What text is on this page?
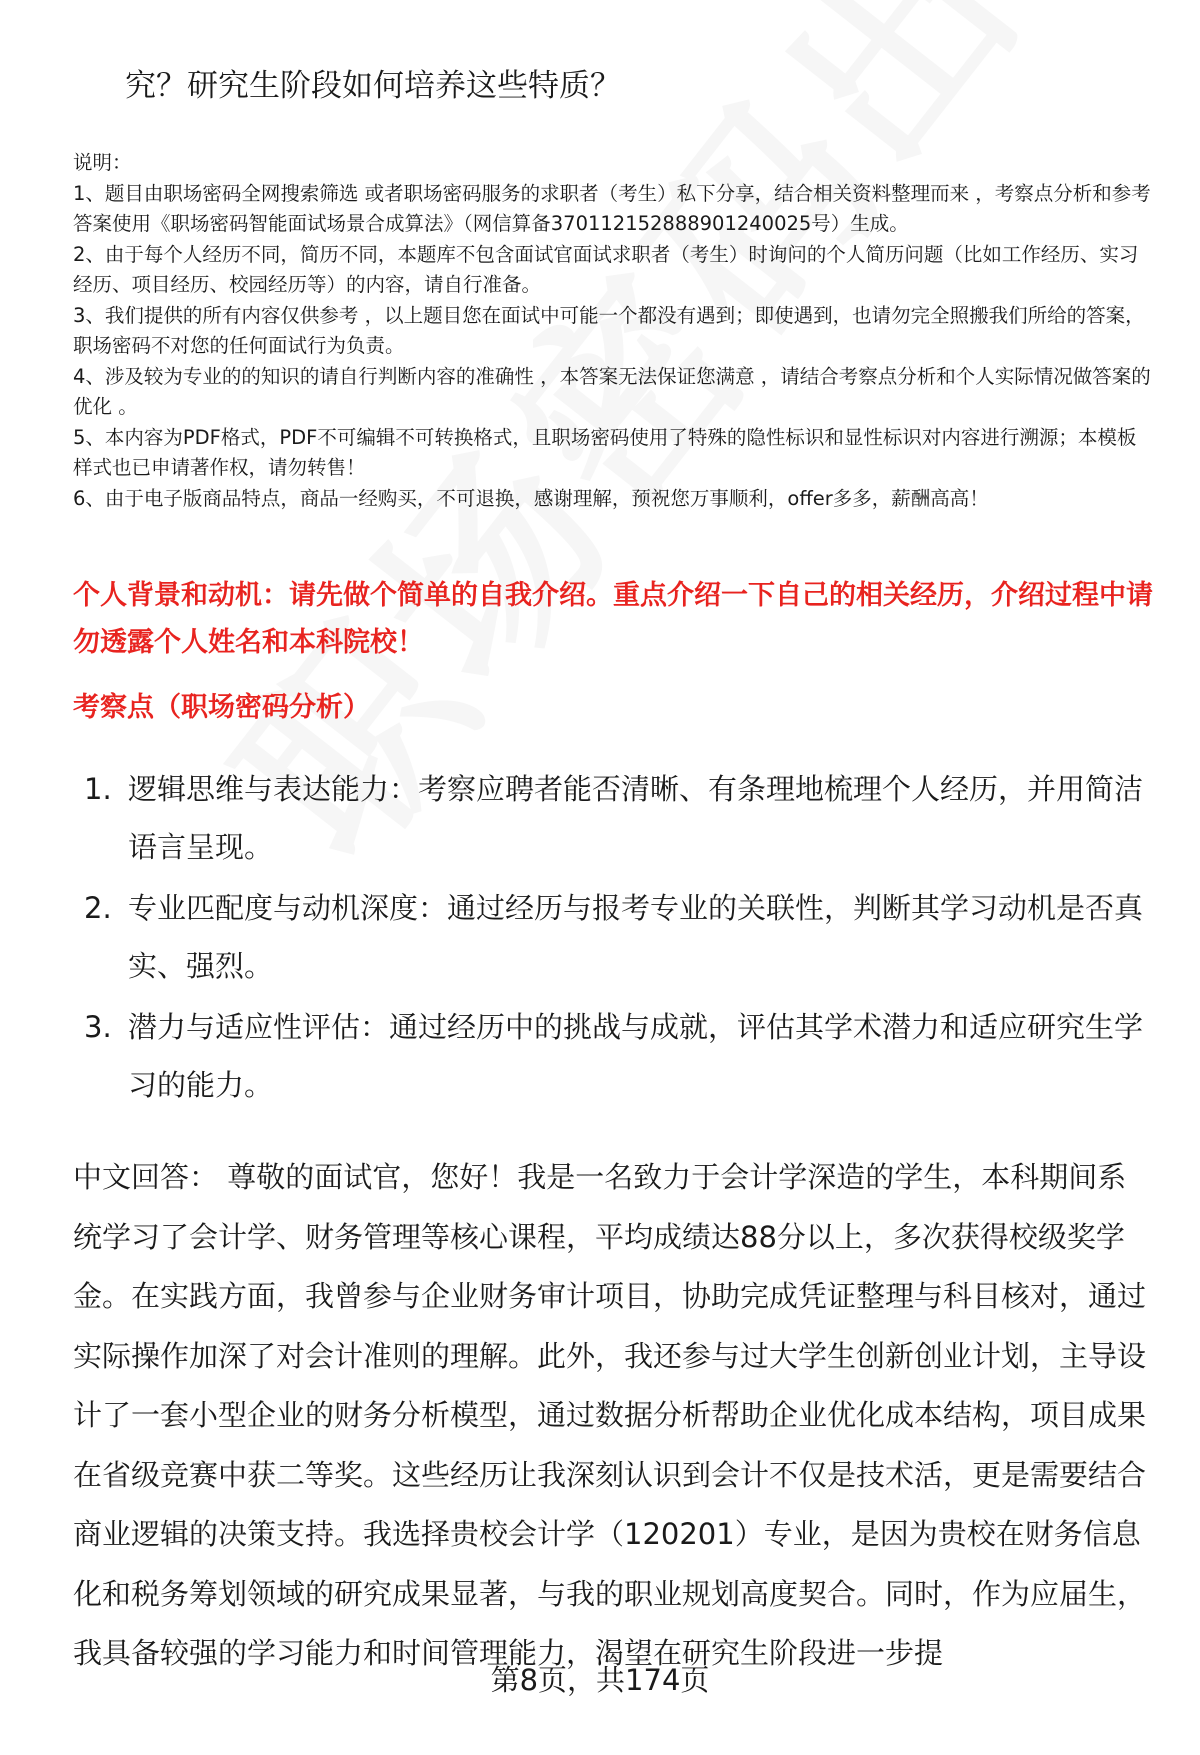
究？研究生阶段如何培养这些特质？

说明：

1、题目由职场密码全网搜索筛选 或者职场密码服务的求职者（考生）私下分享，结合相关资料整理而来 ，考察点分析和参考答案使用《职场密码智能面试场景合成算法》（网信算备370112152888901240025号）生成。

2、由于每个人经历不同，简历不同，本题库不包含面试官面试求职者（考生）时询问的个人简历问题（比如工作经历、实习经历、项目经历、校园经历等）的内容，请自行准备。

3、我们提供的所有内容仅供参考 ，以上题目您在面试中可能一个都没有遇到；即使遇到，也请勿完全照搬我们所给的答案，职场密码不对您的任何面试行为负责。

4、涉及较为专业的的知识的请自行判断内容的准确性 ，本答案无法保证您满意 ，请结合考察点分析和个人实际情况做答案的优化 。

5、本内容为PDF格式，PDF不可编辑不可转换格式，且职场密码使用了特殊的隐性标识和显性标识对内容进行溯源；本模板样式也已申请著作权，请勿转售！

6、由于电子版商品特点，商品一经购买，不可退换，感谢理解，预祝您万事顺利，offer多多，薪酬高高！

个人背景和动机：请先做个简单的自我介绍。重点介绍一下自己的相关经历，介绍过程中请勿透露个人姓名和本科院校！

考察点（职场密码分析）

1. 逻辑思维与表达能力：考察应聘者能否清晰、有条理地梳理个人经历，并用简洁语言呈现。
2. 专业匹配度与动机深度：通过经历与报考专业的关联性，判断其学习动机是否真实、强烈。
3. 潜力与适应性评估：通过经历中的挑战与成就，评估其学术潜力和适应研究生学习的能力。

中文回答： 尊敬的面试官，您好！我是一名致力于会计学深造的学生，本科期间系统学习了会计学、财务管理等核心课程，平均成绩达88分以上，多次获得校级奖学金。在实践方面，我曾参与企业财务审计项目，协助完成凭证整理与科目核对，通过实际操作加深了对会计准则的理解。此外，我还参与过大学生创新创业计划，主导设计了一套小型企业的财务分析模型，通过数据分析帮助企业优化成本结构，项目成果在省级竞赛中获二等奖。这些经历让我深刻认识到会计不仅是技术活，更是需要结合商业逻辑的决策支持。我选择贵校会计学（120201）专业，是因为贵校在财务信息化和税务筹划领域的研究成果显著，与我的职业规划高度契合。同时，作为应届生，我具备较强的学习能力和时间管理能力，渴望在研究生阶段进一步提

第8页，共174页
